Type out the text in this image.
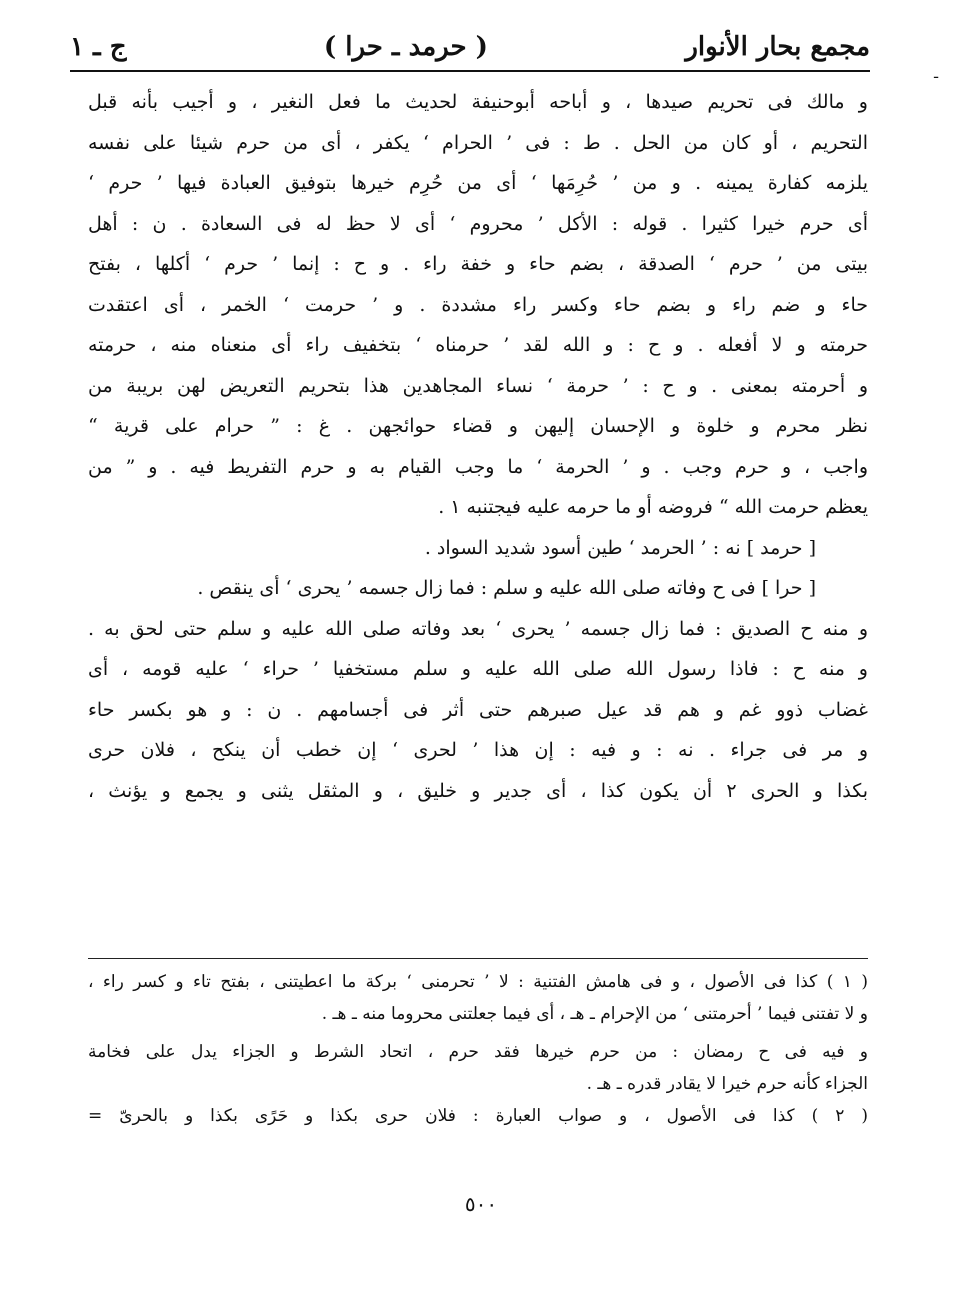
مجمع بحار الأنوار
( حرمد ـ حرا )
ج ـ ١
ـ
و مالك فى تحريم صيدها ، و أباحه أبوحنيفة لحديث ما فعل النغير ، و أجيب بأنه قبل
التحريم ، أو كان من الحل . ط : فى ’ الحرام ‘ يكفر ، أى من حرم شيئا على نفسه
يلزمه كفارة يمينه . و من ’ حُرِمَها ‘ أى من حُرِم خيرها بتوفيق العبادة فيها ’ حرم ‘
أى حرم خيرا كثيرا . قوله : الأكل ’ محروم ‘ أى لا حظ له فى السعادة . ن : أهل
بيتى من ’ حرم ‘ الصدقة ، بضم حاء و خفة راء . و ح : إنما ’ حرم ‘ أكلها ، بفتح
حاء و ضم راء و بضم حاء وكسر راء مشددة . و ’ حرمت ‘ الخمر ، أى اعتقدت
حرمته و لا أفعله . و ح : و الله لقد ’ حرمناه ‘ بتخفيف راء أى منعناه منه ، حرمته
و أحرمته بمعنى . و ح : ’ حرمة ‘ نساء المجاهدين هذا بتحريم التعريض لهن بريبة من
نظر محرم و خلوة و الإحسان إليهن و قضاء حوائجهن . غ : ” حرام على قرية “
واجب ، و حرم وجب . و ’ الحرمة ‘ ما وجب القيام به و حرم التفريط فيه . و ” من
يعظم حرمت الله “ فروضه أو ما حرمه عليه فيجتنبه ١ .
[ حرمد ] نه : ’ الحرمد ‘ طين أسود شديد السواد .
[ حرا ] فى ح وفاته صلى الله عليه و سلم : فما زال جسمه ’ يحرى ‘ أى ينقص .
و منه ح الصديق : فما زال جسمه ’ يحرى ‘ بعد وفاته صلى الله عليه و سلم حتى لحق به .
و منه ح : فاذا رسول الله صلى الله عليه و سلم مستخفيا ’ حراء ‘ عليه قومه ، أى
غضاب ذوو غم و هم قد عيل صبرهم حتى أثر فى أجسامهم . ن : و هو بكسر حاء
و مر فى جراء . نه : و فيه : إن هذا ’ لحرى ‘ إن خطب أن ينكح ، فلان حرى
بكذا و الحرى ٢ أن يكون كذا ، أى جدير و خليق ، و المثقل يثنى و يجمع و يؤنث ،
( ١ ) كذا فى الأصول ، و فى هامش الفتنية : لا ’ تحرمنى ‘ بركة ما اعطيتنى ، بفتح تاء و كسر راء ،
و لا تفتنى فيما ’ أحرمتنى ‘ من الإحرام ـ هـ ، أى فيما جعلتنى محروما منه ـ هـ .
و فيه فى ح رمضان : من حرم خيرها فقد حرم ، اتحاد الشرط و الجزاء يدل على فخامة
الجزاء كأنه حرم خيرا لا يقادر قدره ـ هـ .
( ٢ ) كذا فى الأصول ، و صواب العبارة : فلان حرى بكذا و حَرًى بكذا و بالحرىّ =
٥٠٠
